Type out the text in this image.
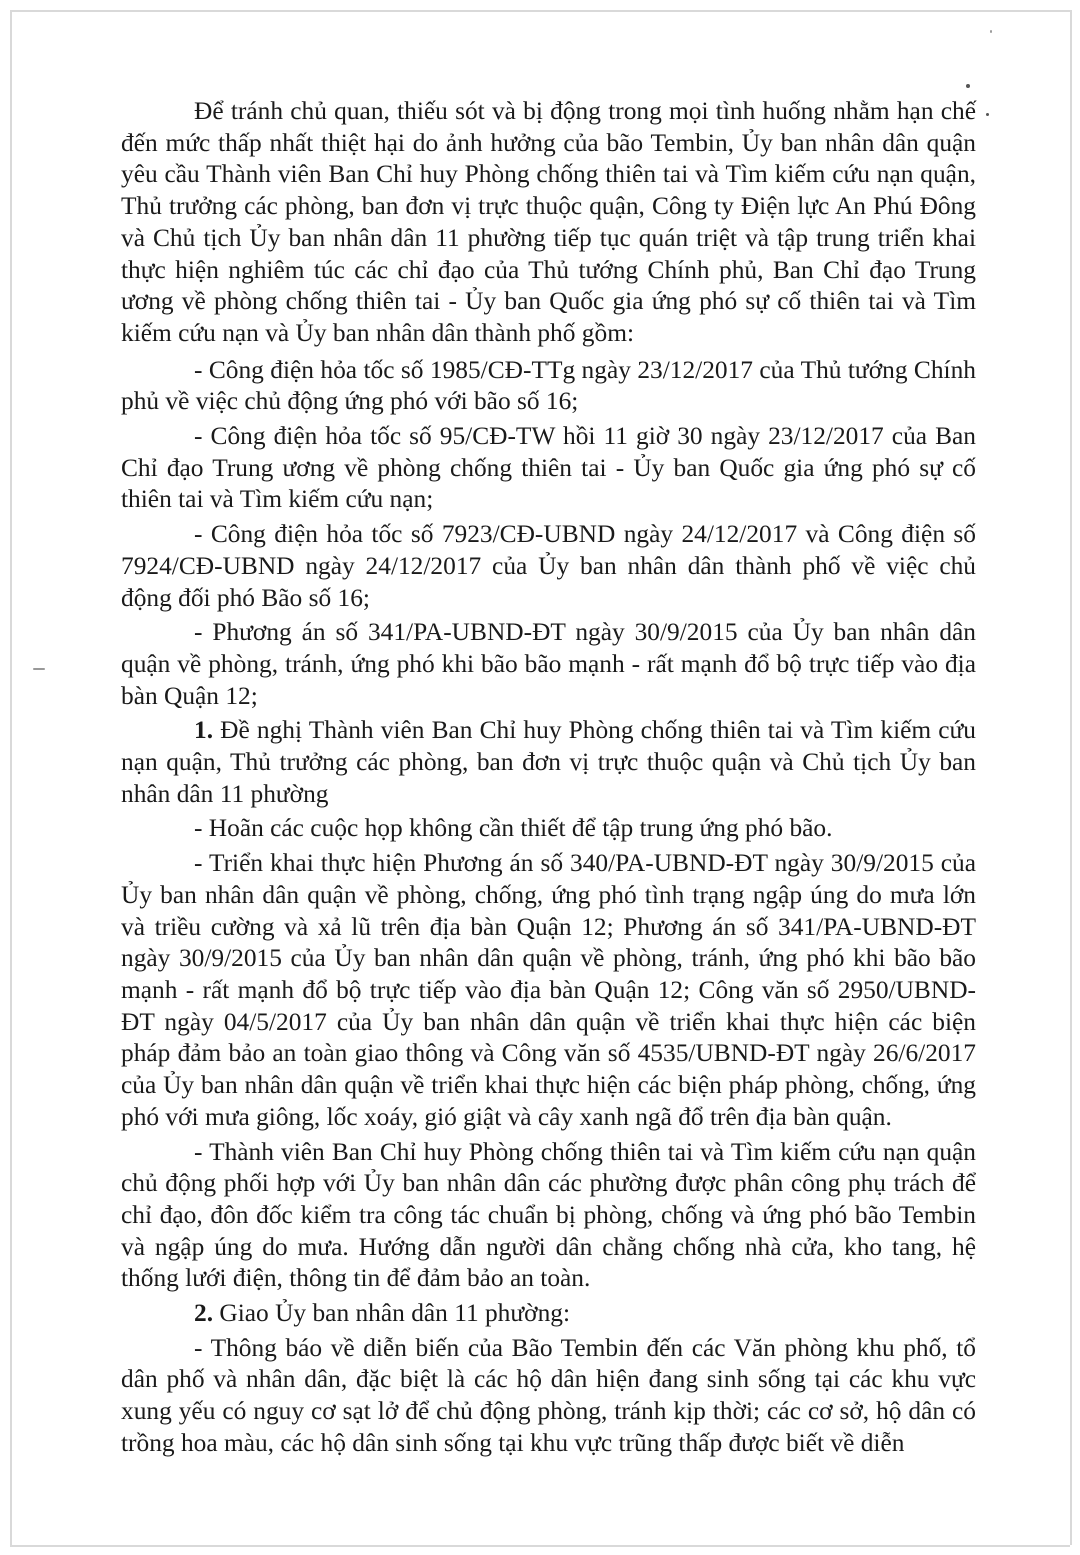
Để tránh chủ quan, thiếu sót và bị động trong mọi tình huống nhằm hạn chế đến mức thấp nhất thiệt hại do ảnh hưởng của bão Tembin, Ủy ban nhân dân quận yêu cầu Thành viên Ban Chỉ huy Phòng chống thiên tai và Tìm kiếm cứu nạn quận, Thủ trưởng các phòng, ban đơn vị trực thuộc quận, Công ty Điện lực An Phú Đông và Chủ tịch Ủy ban nhân dân 11 phường tiếp tục quán triệt và tập trung triển khai thực hiện nghiêm túc các chỉ đạo của Thủ tướng Chính phủ, Ban Chỉ đạo Trung ương về phòng chống thiên tai - Ủy ban Quốc gia ứng phó sự cố thiên tai và Tìm kiếm cứu nạn và Ủy ban nhân dân thành phố gồm:

- Công điện hỏa tốc số 1985/CĐ-TTg ngày 23/12/2017 của Thủ tướng Chính phủ về việc chủ động ứng phó với bão số 16;

- Công điện hỏa tốc số 95/CĐ-TW hồi 11 giờ 30 ngày 23/12/2017 của Ban Chỉ đạo Trung ương về phòng chống thiên tai - Ủy ban Quốc gia ứng phó sự cố thiên tai và Tìm kiếm cứu nạn;

- Công điện hỏa tốc số 7923/CĐ-UBND ngày 24/12/2017 và Công điện số 7924/CĐ-UBND ngày 24/12/2017 của Ủy ban nhân dân thành phố về việc chủ động đối phó Bão số 16;

- Phương án số 341/PA-UBND-ĐT ngày 30/9/2015 của Ủy ban nhân dân quận về phòng, tránh, ứng phó khi bão bão mạnh - rất mạnh đổ bộ trực tiếp vào địa bàn Quận 12;

1. Đề nghị Thành viên Ban Chỉ huy Phòng chống thiên tai và Tìm kiếm cứu nạn quận, Thủ trưởng các phòng, ban đơn vị trực thuộc quận và Chủ tịch Ủy ban nhân dân 11 phường

- Hoãn các cuộc họp không cần thiết để tập trung ứng phó bão.

- Triển khai thực hiện Phương án số 340/PA-UBND-ĐT ngày 30/9/2015 của Ủy ban nhân dân quận về phòng, chống, ứng phó tình trạng ngập úng do mưa lớn và triều cường và xả lũ trên địa bàn Quận 12; Phương án số 341/PA-UBND-ĐT ngày 30/9/2015 của Ủy ban nhân dân quận về phòng, tránh, ứng phó khi bão bão mạnh - rất mạnh đổ bộ trực tiếp vào địa bàn Quận 12; Công văn số 2950/UBND-ĐT ngày 04/5/2017 của Ủy ban nhân dân quận về triển khai thực hiện các biện pháp đảm bảo an toàn giao thông và Công văn số 4535/UBND-ĐT ngày 26/6/2017 của Ủy ban nhân dân quận về triển khai thực hiện các biện pháp phòng, chống, ứng phó với mưa giông, lốc xoáy, gió giật và cây xanh ngã đổ trên địa bàn quận.

- Thành viên Ban Chỉ huy Phòng chống thiên tai và Tìm kiếm cứu nạn quận chủ động phối hợp với Ủy ban nhân dân các phường được phân công phụ trách để chỉ đạo, đôn đốc kiểm tra công tác chuẩn bị phòng, chống và ứng phó bão Tembin và ngập úng do mưa. Hướng dẫn người dân chằng chống nhà cửa, kho tang, hệ thống lưới điện, thông tin để đảm bảo an toàn.

2. Giao Ủy ban nhân dân 11 phường:

- Thông báo về diễn biến của Bão Tembin đến các Văn phòng khu phố, tổ dân phố và nhân dân, đặc biệt là các hộ dân hiện đang sinh sống tại các khu vực xung yếu có nguy cơ sạt lở để chủ động phòng, tránh kịp thời; các cơ sở, hộ dân có trồng hoa màu, các hộ dân sinh sống tại khu vực trũng thấp được biết về diễn
